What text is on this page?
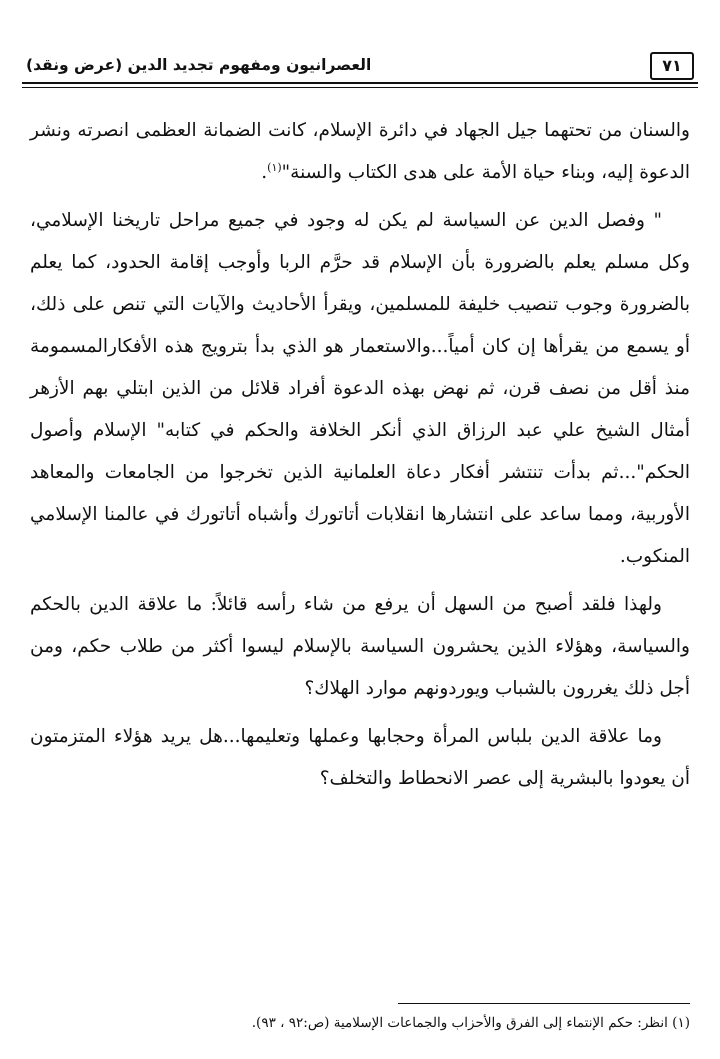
٧١
العصرانيون ومفهوم تجديد الدين (عرض ونقد)

والسنان من تحتهما جيل الجهاد في دائرة الإسلام، كانت الضمانة العظمى انصرته ونشر الدعوة إليه، وبناء حياة الأمة على هدى الكتاب والسنة"$^{(١)}$.

" وفصل الدين عن السياسة لم يكن له وجود في جميع مراحل تاريخنا الإسلامي، وكل مسلم يعلم بالضرورة بأن الإسلام قد حرَّم الربا وأوجب إقامة الحدود، كما يعلم بالضرورة وجوب تنصيب خليفة للمسلمين، ويقرأ الأحاديث والآيات التي تنص على ذلك، أو يسمع من يقرأها إن كان أمياً...والاستعمار هو الذي بدأ بترويج هذه الأفكارالمسمومة منذ أقل من نصف قرن، ثم نهض بهذه الدعوة أفراد قلائل من الذين ابتلي بهم الأزهر أمثال الشيخ علي عبد الرزاق الذي أنكر الخلافة والحكم في كتابه" الإسلام وأصول الحكم"...ثم بدأت تنتشر أفكار دعاة العلمانية الذين تخرجوا من الجامعات والمعاهد الأوربية، ومما ساعد على انتشارها انقلابات أتاتورك وأشباه أتاتورك في عالمنا الإسلامي المنكوب.

ولهذا فلقد أصبح من السهل أن يرفع من شاء رأسه قائلاً: ما علاقة الدين بالحكم والسياسة، وهؤلاء الذين يحشرون السياسة بالإسلام ليسوا أكثر من طلاب حكم، ومن أجل ذلك يغررون بالشباب ويوردونهم موارد الهلاك؟

وما علاقة الدين بلباس المرأة وحجابها وعملها وتعليمها...هل يريد هؤلاء المتزمتون أن يعودوا بالبشرية إلى عصر الانحطاط والتخلف؟

(١) انظر: حكم الإنتماء إلى الفرق والأحزاب والجماعات الإسلامية (ص:٩٢ ، ٩٣).
